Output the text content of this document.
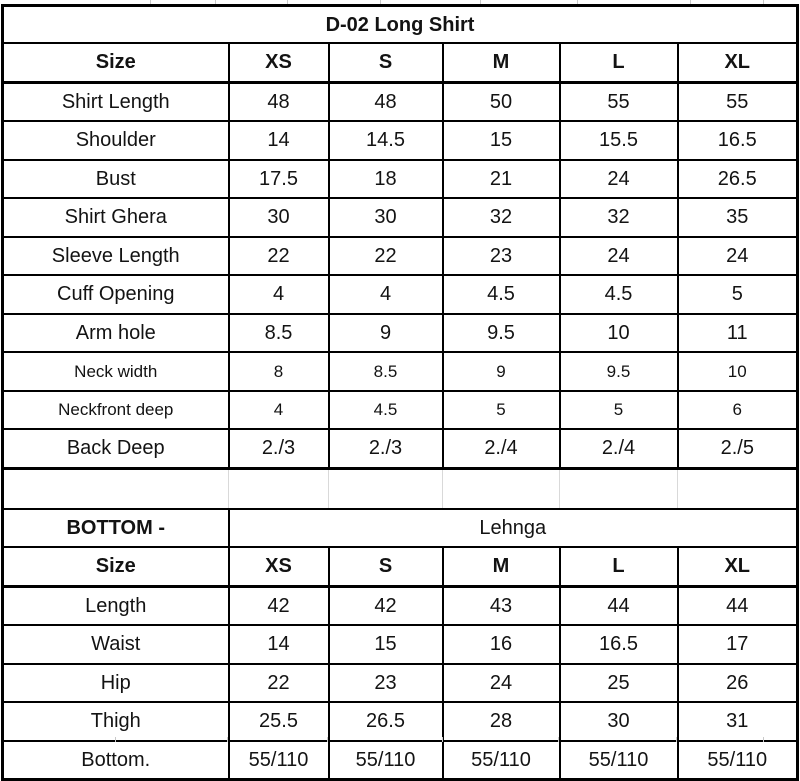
D-02 Long Shirt					
Size	XS	S	M	L	XL
Shirt Length	48	48	50	55	55
Shoulder	14	14.5	15	15.5	16.5
Bust	17.5	18	21	24	26.5
Shirt Ghera	30	30	32	32	35
Sleeve Length	22	22	23	24	24
Cuff Opening	4	4	4.5	4.5	5
Arm hole	8.5	9	9.5	10	11
Neck width	8	8.5	9	9.5	10
Neckfront deep	4	4.5	5	5	6
Back Deep	2./3	2./3	2./4	2./4	2./5

BOTTOM -	Lehnga				
Size	XS	S	M	L	XL
Length	42	42	43	44	44
Waist	14	15	16	16.5	17
Hip	22	23	24	25	26
Thigh	25.5	26.5	28	30	31
Bottom.	55/110	55/110	55/110	55/110	55/110
